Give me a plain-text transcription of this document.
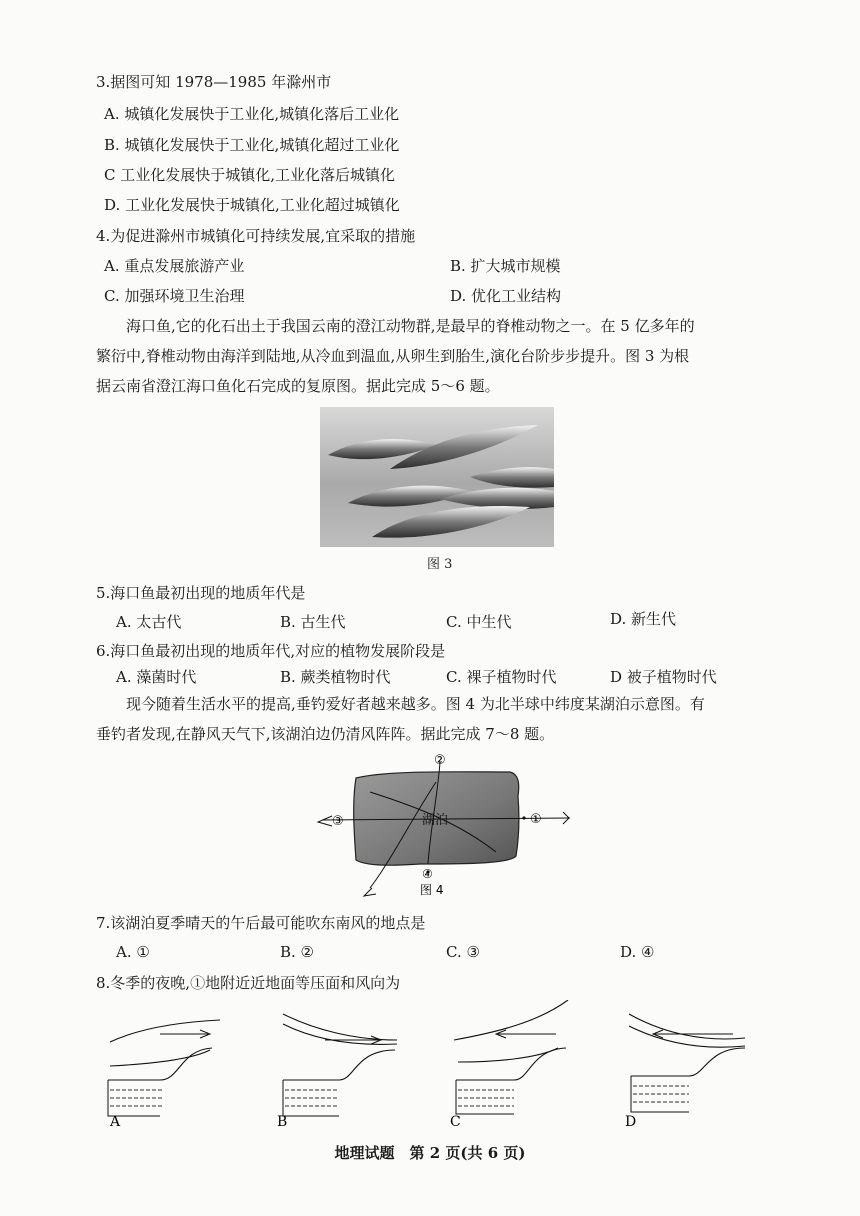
3.据图可知 1978—1985 年滁州市
A. 城镇化发展快于工业化,城镇化落后工业化
B. 城镇化发展快于工业化,城镇化超过工业化
C 工业化发展快于城镇化,工业化落后城镇化
D. 工业化发展快于城镇化,工业化超过城镇化
4.为促进滁州市城镇化可持续发展,宜采取的措施
A. 重点发展旅游产业	B. 扩大城市规模
C. 加强环境卫生治理	D. 优化工业结构
海口鱼,它的化石出土于我国云南的澄江动物群,是最早的脊椎动物之一。在 5 亿多年的
繁衍中,脊椎动物由海洋到陆地,从冷血到温血,从卵生到胎生,演化台阶步步提升。图 3 为根
据云南省澄江海口鱼化石完成的复原图。据此完成 5～6 题。
图 3
5.海口鱼最初出现的地质年代是
A. 太古代	B. 古生代	C. 中生代	D. 新生代
6.海口鱼最初出现的地质年代,对应的植物发展阶段是
A. 藻菌时代	B. 蕨类植物时代	C. 裸子植物时代	D 被子植物时代
现今随着生活水平的提高,垂钓爱好者越来越多。图 4 为北半球中纬度某湖泊示意图。有
垂钓者发现,在静风天气下,该湖泊边仍清风阵阵。据此完成 7～8 题。
②
③	①
④
湖泊
图 4
7.该湖泊夏季晴天的午后最可能吹东南风的地点是
A. ①	B. ②	C. ③	D. ④
8.冬季的夜晚,①地附近近地面等压面和风向为
A	B	C	D
地理试题　第 2 页(共 6 页)
